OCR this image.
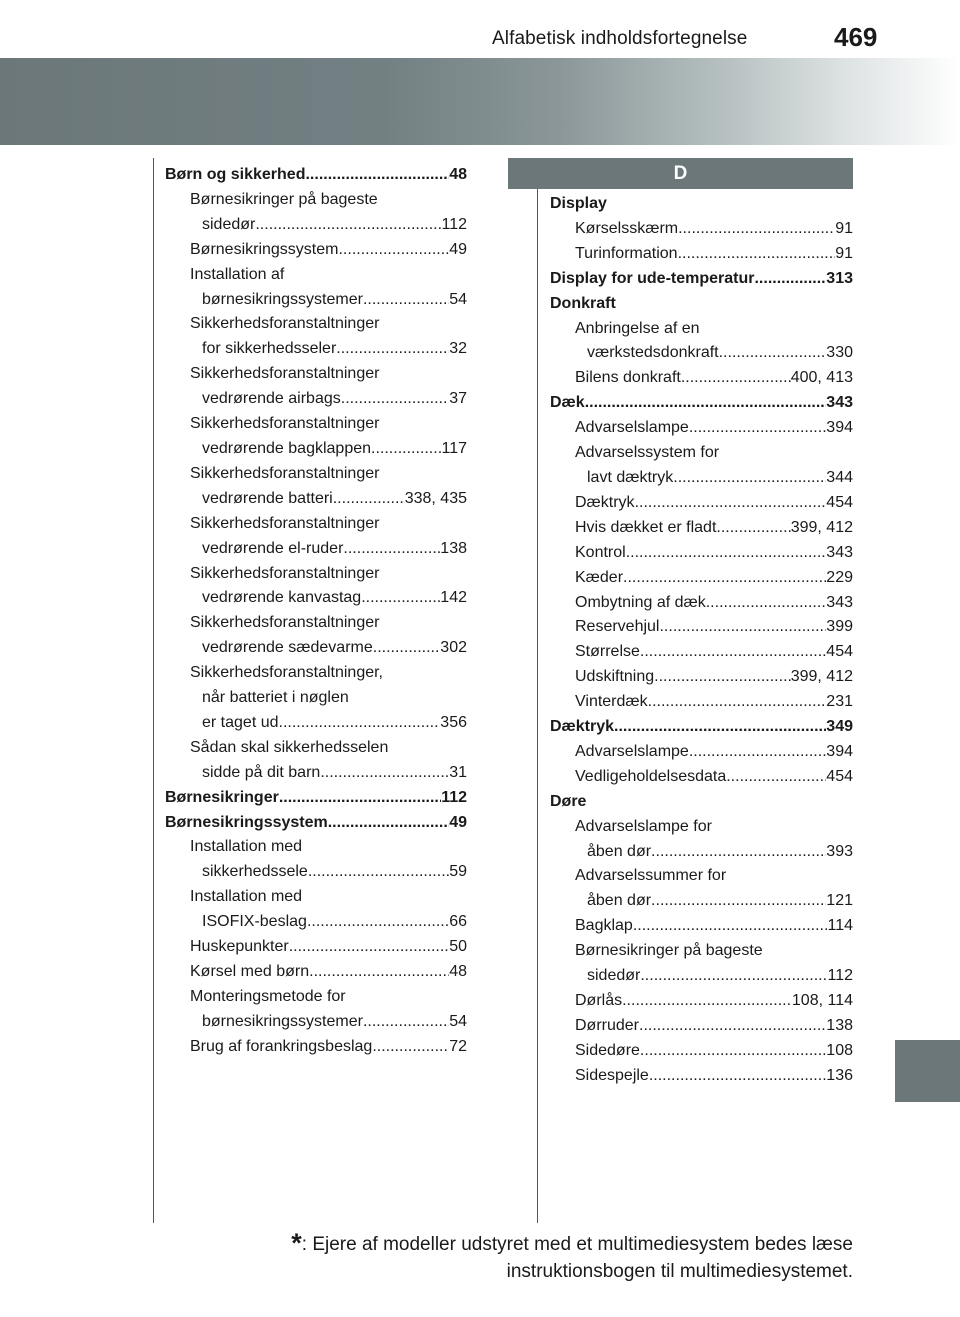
Alfabetisk indholdsfortegnelse	469
Børn og sikkerhed .....	48
Børnesikringer på bageste
sidedør .....	112
Børnesikringssystem .....	49
Installation af
børnesikringssystemer .....	54
Sikkerhedsforanstaltninger
for sikkerhedsseler .....	32
Sikkerhedsforanstaltninger
vedrørende airbags .....	37
Sikkerhedsforanstaltninger
vedrørende bagklappen .....	117
Sikkerhedsforanstaltninger
vedrørende batteri .....	338, 435
Sikkerhedsforanstaltninger
vedrørende el-ruder .....	138
Sikkerhedsforanstaltninger
vedrørende kanvastag .....	142
Sikkerhedsforanstaltninger
vedrørende sædevarme .....	302
Sikkerhedsforanstaltninger,
når batteriet i nøglen
er taget ud .....	356
Sådan skal sikkerhedsselen
sidde på dit barn .....	31
Børnesikringer .....	112
Børnesikringssystem .....	49
Installation med
sikkerhedssele .....	59
Installation med
ISOFIX-beslag .....	66
Huskepunkter .....	50
Kørsel med børn .....	48
Monteringsmetode for
børnesikringssystemer .....	54
Brug af forankringsbeslag .....	72
D
Display
Kørselsskærm .....	91
Turinformation .....	91
Display for ude-temperatur .....	313
Donkraft
Anbringelse af en
værkstedsdonkraft .....	330
Bilens donkraft .....	400, 413
Dæk .....	343
Advarselslampe .....	394
Advarselssystem for
lavt dæktryk .....	344
Dæktryk .....	454
Hvis dækket er fladt .....	399, 412
Kontrol .....	343
Kæder .....	229
Ombytning af dæk .....	343
Reservehjul .....	399
Størrelse .....	454
Udskiftning .....	399, 412
Vinterdæk .....	231
Dæktryk .....	349
Advarselslampe .....	394
Vedligeholdelsesdata .....	454
Døre
Advarselslampe for
åben dør .....	393
Advarselssummer for
åben dør .....	121
Bagklap .....	114
Børnesikringer på bageste
sidedør .....	112
Dørlås .....	108, 114
Dørruder .....	138
Sidedøre .....	108
Sidespejle .....	136
*: Ejere af modeller udstyret med et multimediesystem bedes læse
instruktionsbogen til multimediesystemet.
